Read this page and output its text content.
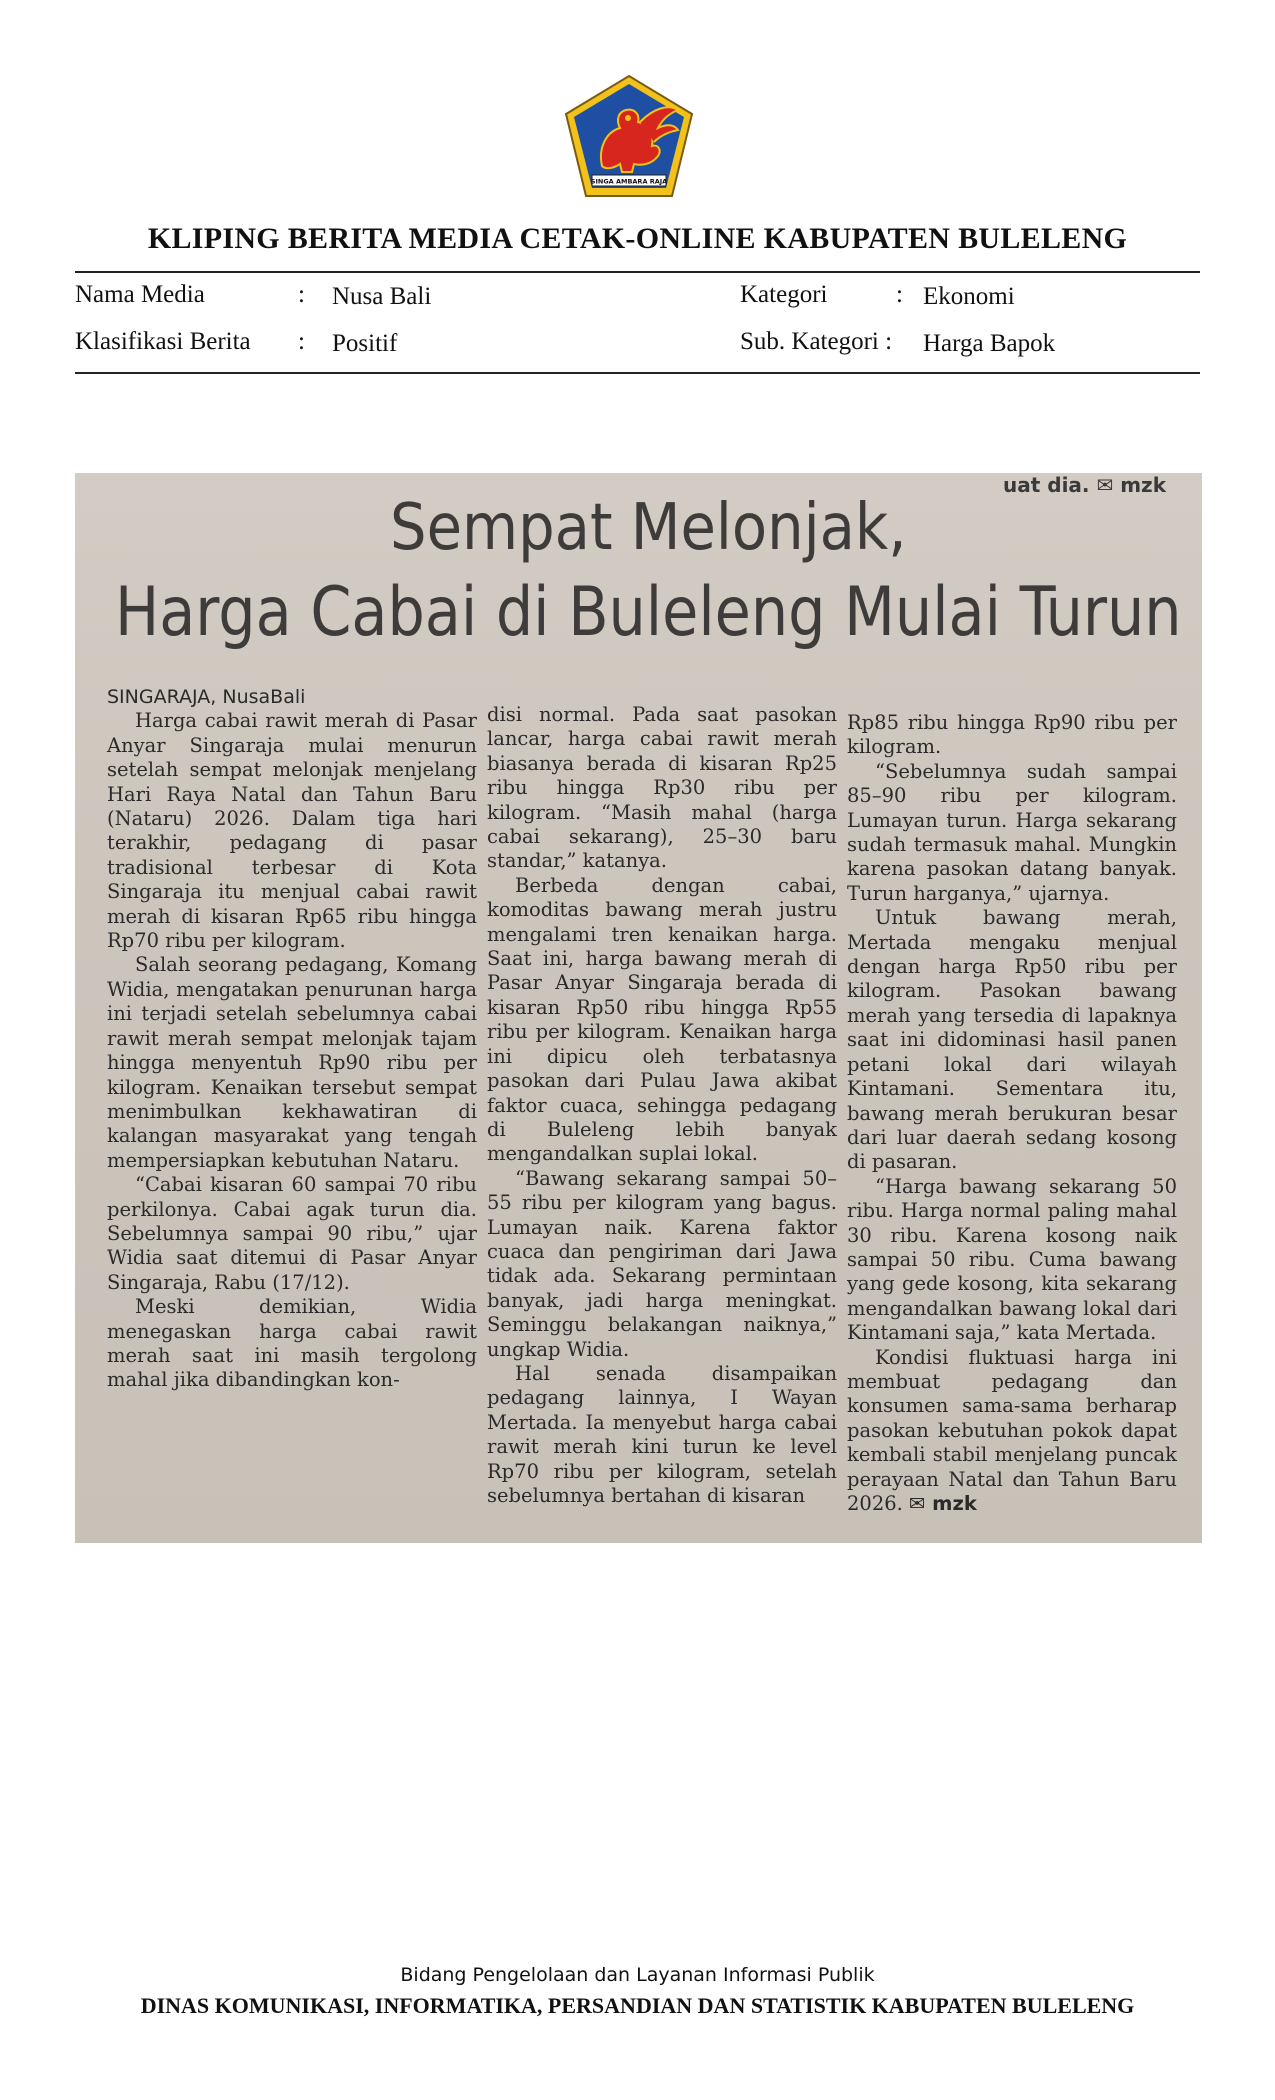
SINGA AMBARA RAJA
KLIPING BERITA MEDIA CETAK-ONLINE KABUPATEN BULELENG
Nama Media	: Nusa Bali	Kategori	: Ekonomi
Klasifikasi Berita : Positif	Sub. Kategori : Harga Bapok
uat dia. ✉ mzk
Sempat Melonjak,
Harga Cabai di Buleleng Mulai Turun

SINGARAJA, NusaBali

Harga cabai rawit merah di Pasar Anyar Singaraja mulai menurun setelah sempat melonjak menjelang Hari Raya Natal dan Tahun Baru (Nataru) 2026. Dalam tiga hari terakhir, pedagang di pasar tradisional terbesar di Kota Singaraja itu menjual cabai rawit merah di kisaran Rp65 ribu hingga Rp70 ribu per kilogram.

Salah seorang pedagang, Komang Widia, mengatakan penurunan harga ini terjadi setelah sebelumnya cabai rawit merah sempat melonjak tajam hingga menyentuh Rp90 ribu per kilogram. Kenaikan tersebut sempat menimbulkan kekhawatiran di kalangan masyarakat yang tengah mempersiapkan kebutuhan Nataru.

“Cabai kisaran 60 sampai 70 ribu perkilonya. Cabai agak turun dia. Sebelumnya sampai 90 ribu,” ujar Widia saat ditemui di Pasar Anyar Singaraja, Rabu (17/12).

Meski demikian, Widia menegaskan harga cabai rawit merah saat ini masih tergolong mahal jika dibandingkan kon-

disi normal. Pada saat pasokan lancar, harga cabai rawit merah biasanya berada di kisaran Rp25 ribu hingga Rp30 ribu per kilogram. “Masih mahal (harga cabai sekarang), 25–30 baru standar,” katanya.

Berbeda dengan cabai, komoditas bawang merah justru mengalami tren kenaikan harga. Saat ini, harga bawang merah di Pasar Anyar Singaraja berada di kisaran Rp50 ribu hingga Rp55 ribu per kilogram. Kenaikan harga ini dipicu oleh terbatasnya pasokan dari Pulau Jawa akibat faktor cuaca, sehingga pedagang di Buleleng lebih banyak mengandalkan suplai lokal.

“Bawang sekarang sampai 50–55 ribu per kilogram yang bagus. Lumayan naik. Karena faktor cuaca dan pengiriman dari Jawa tidak ada. Sekarang permintaan banyak, jadi harga meningkat. Seminggu belakangan naiknya,” ungkap Widia.

Hal senada disampaikan pedagang lainnya, I Wayan Mertada. Ia menyebut harga cabai rawit merah kini turun ke level Rp70 ribu per kilogram, setelah sebelumnya bertahan di kisaran

Rp85 ribu hingga Rp90 ribu per kilogram.

“Sebelumnya sudah sampai 85–90 ribu per kilogram. Lumayan turun. Harga sekarang sudah termasuk mahal. Mungkin karena pasokan datang banyak. Turun harganya,” ujarnya.

Untuk bawang merah, Mertada mengaku menjual dengan harga Rp50 ribu per kilogram. Pasokan bawang merah yang tersedia di lapaknya saat ini didominasi hasil panen petani lokal dari wilayah Kintamani. Sementara itu, bawang merah berukuran besar dari luar daerah sedang kosong di pasaran.

“Harga bawang sekarang 50 ribu. Harga normal paling mahal 30 ribu. Karena kosong naik sampai 50 ribu. Cuma bawang yang gede kosong, kita sekarang mengandalkan bawang lokal dari Kintamani saja,” kata Mertada.

Kondisi fluktuasi harga ini membuat pedagang dan konsumen sama-sama berharap pasokan kebutuhan pokok dapat kembali stabil menjelang puncak perayaan Natal dan Tahun Baru 2026. ✉ mzk

Bidang Pengelolaan dan Layanan Informasi Publik
DINAS KOMUNIKASI, INFORMATIKA, PERSANDIAN DAN STATISTIK KABUPATEN BULELENG
